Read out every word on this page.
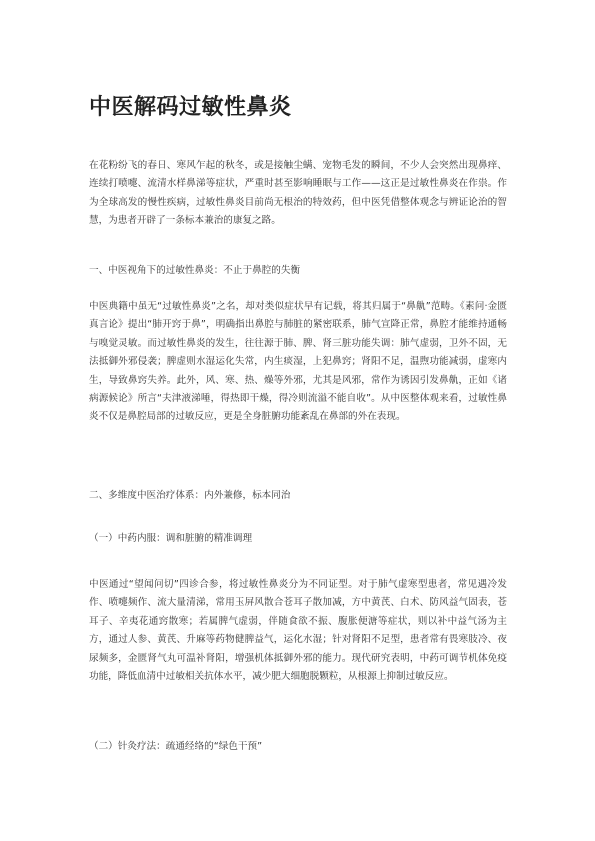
中医解码过敏性鼻炎

在花粉纷飞的春日、寒风乍起的秋冬，或是接触尘螨、宠物毛发的瞬间，不少人会突然出现鼻痒、连续打喷嚏、流清水样鼻涕等症状，严重时甚至影响睡眠与工作——这正是过敏性鼻炎在作祟。作为全球高发的慢性疾病，过敏性鼻炎目前尚无根治的特效药，但中医凭借整体观念与辨证论治的智慧，为患者开辟了一条标本兼治的康复之路。

一、中医视角下的过敏性鼻炎：不止于鼻腔的失衡

中医典籍中虽无“过敏性鼻炎”之名，却对类似症状早有记载，将其归属于“鼻鼽”范畴。《素问·金匮真言论》提出“肺开窍于鼻”，明确指出鼻腔与肺脏的紧密联系，肺气宣降正常，鼻腔才能维持通畅与嗅觉灵敏。而过敏性鼻炎的发生，往往源于肺、脾、肾三脏功能失调：肺气虚弱，卫外不固，无法抵御外邪侵袭；脾虚则水湿运化失常，内生痰湿，上犯鼻窍；肾阳不足，温煦功能减弱，虚寒内生，导致鼻窍失养。此外，风、寒、热、燥等外邪，尤其是风邪，常作为诱因引发鼻鼽，正如《诸病源候论》所言“夫津液涕唾，得热即干燥，得冷则流溢不能自收”。从中医整体观来看，过敏性鼻炎不仅是鼻腔局部的过敏反应，更是全身脏腑功能紊乱在鼻部的外在表现。

二、多维度中医治疗体系：内外兼修，标本同治

（一）中药内服：调和脏腑的精准调理

中医通过“望闻问切”四诊合参，将过敏性鼻炎分为不同证型。对于肺气虚寒型患者，常见遇冷发作、喷嚏频作、流大量清涕，常用玉屏风散合苍耳子散加减，方中黄芪、白术、防风益气固表，苍耳子、辛夷花通窍散寒；若属脾气虚弱，伴随食欲不振、腹胀便溏等症状，则以补中益气汤为主方，通过人参、黄芪、升麻等药物健脾益气，运化水湿；针对肾阳不足型，患者常有畏寒肢冷、夜尿频多，金匮肾气丸可温补肾阳，增强机体抵御外邪的能力。现代研究表明，中药可调节机体免疫功能，降低血清中过敏相关抗体水平，减少肥大细胞脱颗粒，从根源上抑制过敏反应。

（二）针灸疗法：疏通经络的“绿色干预”
